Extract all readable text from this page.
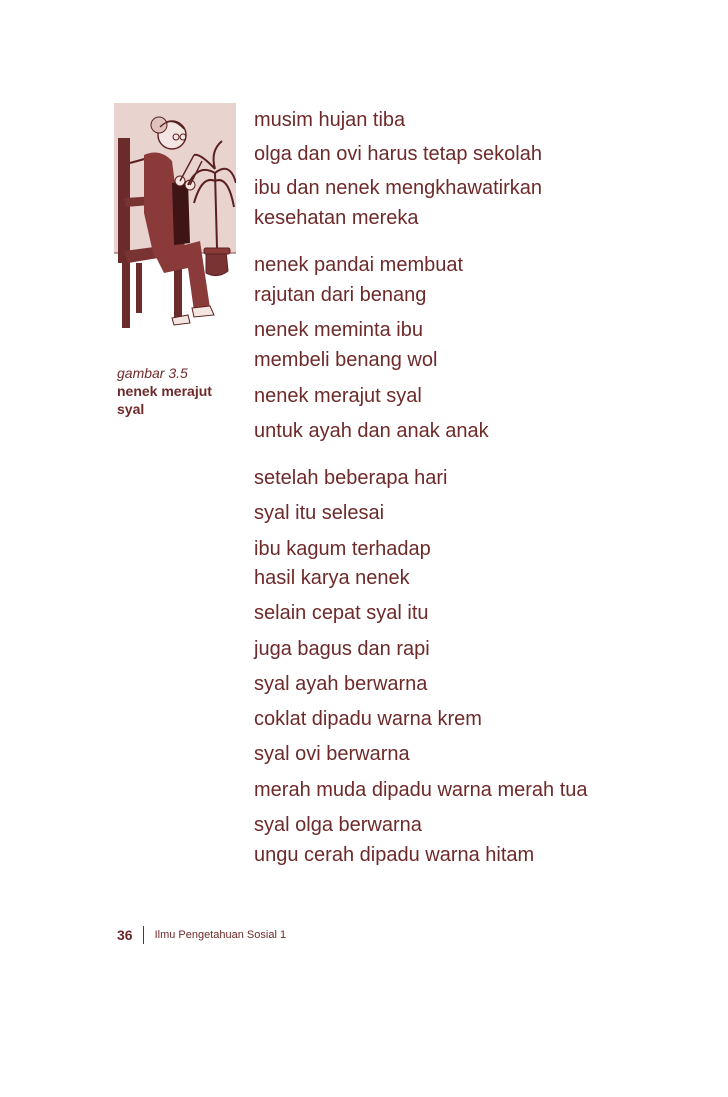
gambar 3.5
nenek merajut syal
musim hujan tiba
olga dan ovi harus tetap sekolah
ibu dan nenek mengkhawatirkan
kesehatan mereka
nenek pandai membuat
rajutan dari benang
nenek meminta ibu
membeli benang wol
nenek merajut syal
untuk ayah dan anak anak
setelah beberapa hari
syal itu selesai
ibu kagum terhadap
hasil karya nenek
selain cepat syal itu
juga bagus dan rapi
syal ayah berwarna
coklat dipadu warna krem
syal ovi berwarna
merah muda dipadu warna merah tua
syal olga berwarna
ungu cerah dipadu warna hitam
36 Ilmu Pengetahuan Sosial 1
